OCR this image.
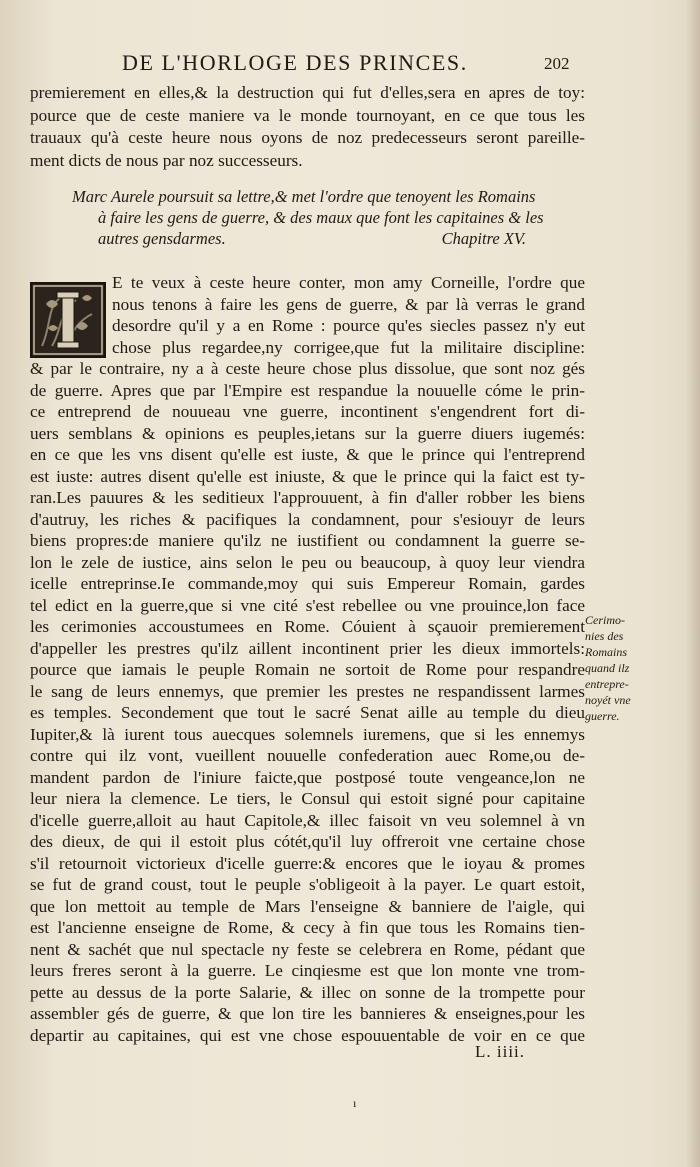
DE L'HORLOGE DES PRINCES.	202
premierement en elles,& la destruction qui fut d'elles,sera en apres de toy:
pource que de ceste maniere va le monde tournoyant, en ce que tous les
trauaux qu'à ceste heure nous oyons de noz predecesseurs seront pareille-
ment dicts de nous par noz successeurs.
Marc Aurele poursuit sa lettre,& met l'ordre que tenoyent les Romains
à faire les gens de guerre, & des maux que font les capitaines & les
autres gensdarmes.	Chapitre XV.
E te veux à ceste heure conter, mon amy Corneille, l'ordre que
nous tenons à faire les gens de guerre, & par là verras le grand
desordre qu'il y a en Rome : pource qu'es siecles passez n'y eut
chose plus regardee,ny corrigee,que fut la militaire discipline:
& par le contraire, ny a à ceste heure chose plus dissolue, que sont noz gés
de guerre. Apres que par l'Empire est respandue la nouuelle cóme le prin-
ce entreprend de nouueau vne guerre, incontinent s'engendrent fort di-
uers semblans & opinions es peuples,ietans sur la guerre diuers iugemés:
en ce que les vns disent qu'elle est iuste, & que le prince qui l'entreprend
est iuste: autres disent qu'elle est iniuste, & que le prince qui la faict est ty-
ran.Les pauures & les seditieux l'approuuent, à fin d'aller robber les biens
d'autruy, les riches & pacifiques la condamnent, pour s'esiouyr de leurs
biens propres:de maniere qu'ilz ne iustifient ou condamnent la guerre se-
lon le zele de iustice, ains selon le peu ou beaucoup, à quoy leur viendra
icelle entreprinse.Ie commande,moy qui suis Empereur Romain, gardes
tel edict en la guerre,que si vne cité s'est rebellee ou vne prouince,lon face
les cerimonies accoustumees en Rome. Cóuient à sçauoir premierement
d'appeller les prestres qu'ilz aillent incontinent prier les dieux immortels:
pource que iamais le peuple Romain ne sortoit de Rome pour respandre
le sang de leurs ennemys, que premier les prestes ne respandissent larmes
es temples. Secondement que tout le sacré Senat aille au temple du dieu
Iupiter,& là iurent tous auecques solemnels iuremens, que si les ennemys
contre qui ilz vont, vueillent nouuelle confederation auec Rome,ou de-
mandent pardon de l'iniure faicte,que postposé toute vengeance,lon ne
leur niera la clemence. Le tiers, le Consul qui estoit signé pour capitaine
d'icelle guerre,alloit au haut Capitole,& illec faisoit vn veu solemnel à vn
des dieux, de qui il estoit plus cótét,qu'il luy offreroit vne certaine chose
s'il retournoit victorieux d'icelle guerre:& encores que le ioyau & promes
se fut de grand coust, tout le peuple s'obligeoit à la payer. Le quart estoit,
que lon mettoit au temple de Mars l'enseigne & banniere de l'aigle, qui
est l'ancienne enseigne de Rome, & cecy à fin que tous les Romains tien-
nent & sachét que nul spectacle ny feste se celebrera en Rome, pédant que
leurs freres seront à la guerre. Le cinqiesme est que lon monte vne trom-
pette au dessus de la porte Salarie, & illec on sonne de la trompette pour
assembler gés de guerre, & que lon tire les bannieres & enseignes,pour les
departir au capitaines, qui est vne chose espouuentable de voir en ce que
Cerimo-
nies des
Romains
quand ilz
entrepre-
noyét vne
guerre.
L. iiii.
ı
